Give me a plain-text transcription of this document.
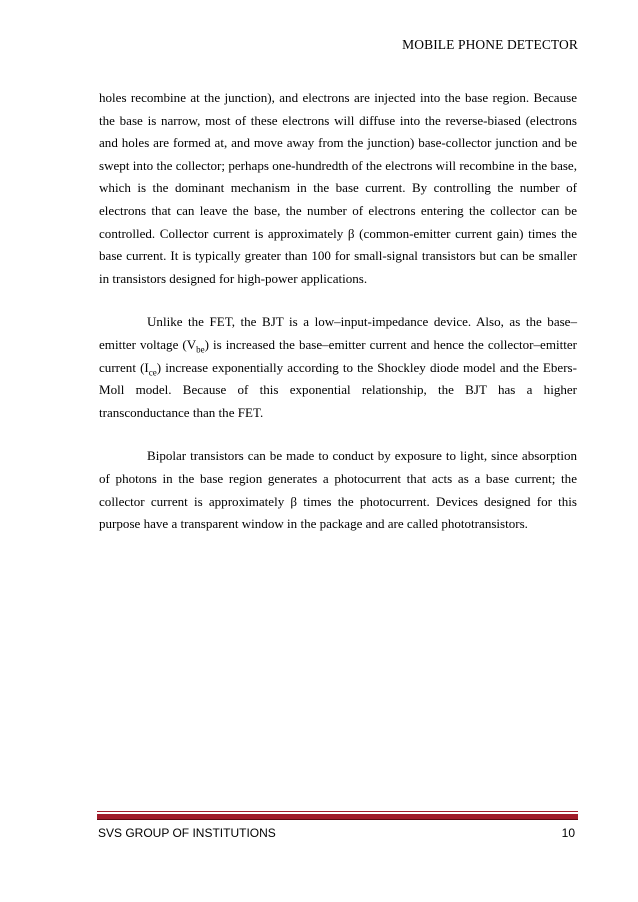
MOBILE PHONE DETECTOR

holes recombine at the junction), and electrons are injected into the base region. Because the base is narrow, most of these electrons will diffuse into the reverse-biased (electrons and holes are formed at, and move away from the junction) base-collector junction and be swept into the collector; perhaps one-hundredth of the electrons will recombine in the base, which is the dominant mechanism in the base current. By controlling the number of electrons that can leave the base, the number of electrons entering the collector can be controlled. Collector current is approximately β (common-emitter current gain) times the base current. It is typically greater than 100 for small-signal transistors but can be smaller in transistors designed for high-power applications.

Unlike the FET, the BJT is a low–input-impedance device. Also, as the base–emitter voltage $(V_{be})$ is increased the base–emitter current and hence the collector–emitter current $(I_{ce})$ increase exponentially according to the Shockley diode model and the Ebers-Moll model. Because of this exponential relationship, the BJT has a higher transconductance than the FET.

Bipolar transistors can be made to conduct by exposure to light, since absorption of photons in the base region generates a photocurrent that acts as a base current; the collector current is approximately β times the photocurrent. Devices designed for this purpose have a transparent window in the package and are called phototransistors.

SVS GROUP OF INSTITUTIONS	10
